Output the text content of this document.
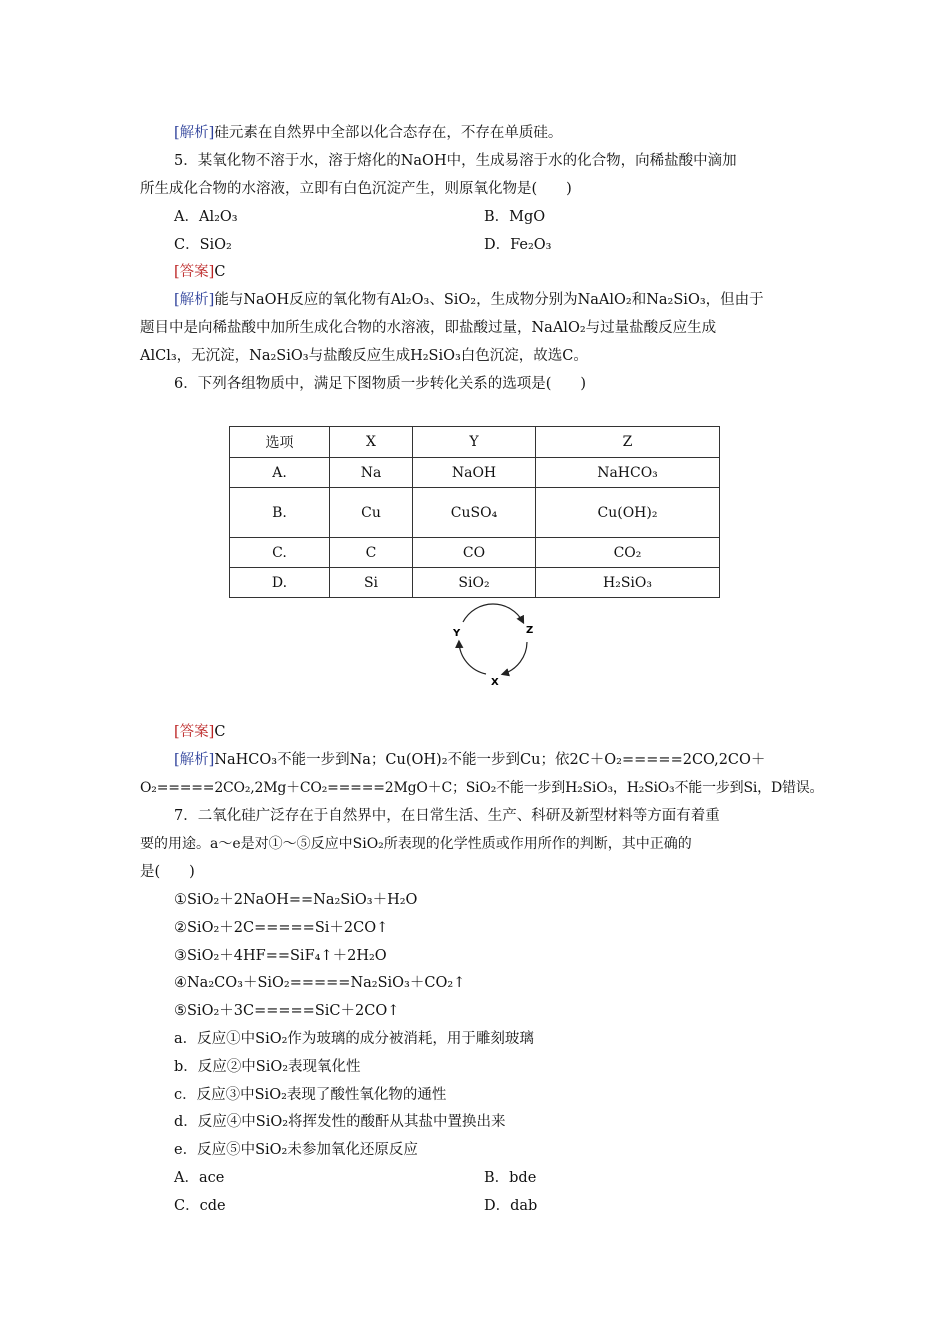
[解析]硅元素在自然界中全部以化合态存在，不存在单质硅。
5．某氧化物不溶于水，溶于熔化的NaOH中，生成易溶于水的化合物，向稀盐酸中滴加
所生成化合物的水溶液，立即有白色沉淀产生，则原氧化物是(　　)
A．Al₂O₃	B．MgO
C．SiO₂	D．Fe₂O₃
[答案]C
[解析]能与NaOH反应的氧化物有Al₂O₃、SiO₂，生成物分别为NaAlO₂和Na₂SiO₃，但由于
题目中是向稀盐酸中加所生成化合物的水溶液，即盐酸过量，NaAlO₂与过量盐酸反应生成
AlCl₃，无沉淀，Na₂SiO₃与盐酸反应生成H₂SiO₃白色沉淀，故选C。
6．下列各组物质中，满足下图物质一步转化关系的选项是(　　)
选项	X	Y	Z
A.	Na	NaOH	NaHCO₃
B.	Cu	CuSO₄	Cu(OH)₂
C.	C	CO	CO₂
D.	Si	SiO₂	H₂SiO₃
Y	Z
X
[答案]C
[解析]NaHCO₃不能一步到Na；Cu(OH)₂不能一步到Cu；依2C＋O₂=====2CO,2CO＋
O₂=====2CO₂,2Mg＋CO₂=====2MgO＋C；SiO₂不能一步到H₂SiO₃，H₂SiO₃不能一步到Si，D错误。
7．二氧化硅广泛存在于自然界中，在日常生活、生产、科研及新型材料等方面有着重
要的用途。a～e是对①～⑤反应中SiO₂所表现的化学性质或作用所作的判断，其中正确的
是(　　)
①SiO₂＋2NaOH==Na₂SiO₃＋H₂O
②SiO₂＋2C=====Si＋2CO↑
③SiO₂＋4HF==SiF₄↑＋2H₂O
④Na₂CO₃＋SiO₂=====Na₂SiO₃＋CO₂↑
⑤SiO₂＋3C=====SiC＋2CO↑
a．反应①中SiO₂作为玻璃的成分被消耗，用于雕刻玻璃
b．反应②中SiO₂表现氧化性
c．反应③中SiO₂表现了酸性氧化物的通性
d．反应④中SiO₂将挥发性的酸酐从其盐中置换出来
e．反应⑤中SiO₂未参加氧化还原反应
A．ace	B．bde
C．cde	D．dab
